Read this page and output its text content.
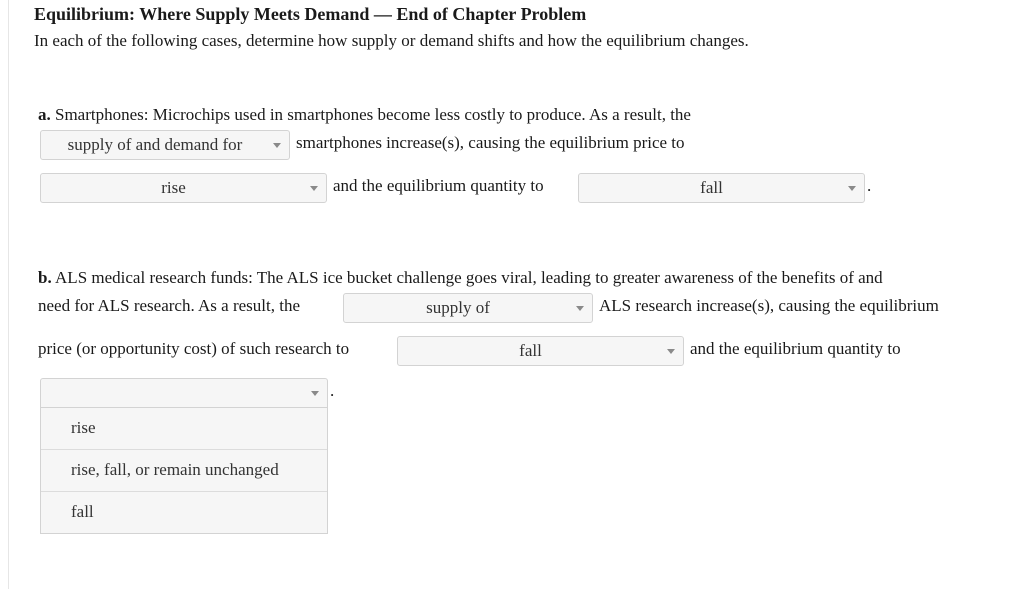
Equilibrium: Where Supply Meets Demand — End of Chapter Problem
In each of the following cases, determine how supply or demand shifts and how the equilibrium changes.
a. Smartphones: Microchips used in smartphones become less costly to produce. As a result, the
supply of and demand for	smartphones increase(s), causing the equilibrium price to
rise	and the equilibrium quantity to	fall	.
b. ALS medical research funds: The ALS ice bucket challenge goes viral, leading to greater awareness of the benefits of and
need for ALS research. As a result, the	supply of	ALS research increase(s), causing the equilibrium
price (or opportunity cost) of such research to	fall	and the equilibrium quantity to
.
rise
rise, fall, or remain unchanged
fall
